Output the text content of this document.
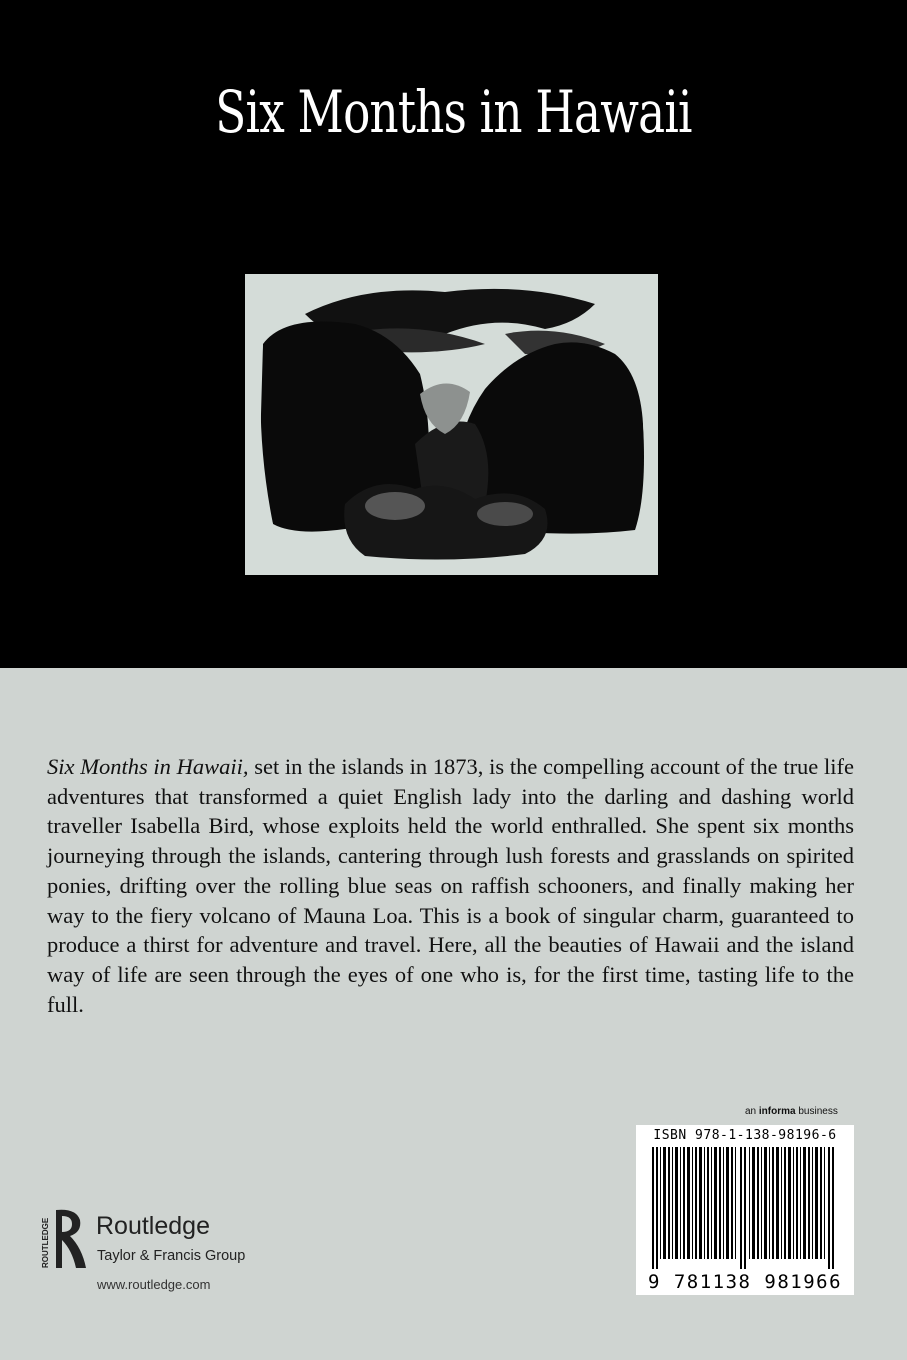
Six Months in Hawaii

Six Months in Hawaii, set in the islands in 1873, is the compelling account of the true life adventures that transformed a quiet English lady into the darling and dashing world traveller Isabella Bird, whose exploits held the world enthralled. She spent six months journeying through the islands, cantering through lush forests and grasslands on spirited ponies, drifting over the rolling blue seas on raffish schooners, and finally making her way to the fiery volcano of Mauna Loa. This is a book of singular charm, guaranteed to produce a thirst for adventure and travel. Here, all the beauties of Hawaii and the island way of life are seen through the eyes of one who is, for the first time, tasting life to the full.

an informa business
ISBN 978-1-138-98196-6
9 781138 981966
ROUTLEDGE Routledge
Taylor & Francis Group
www.routledge.com
